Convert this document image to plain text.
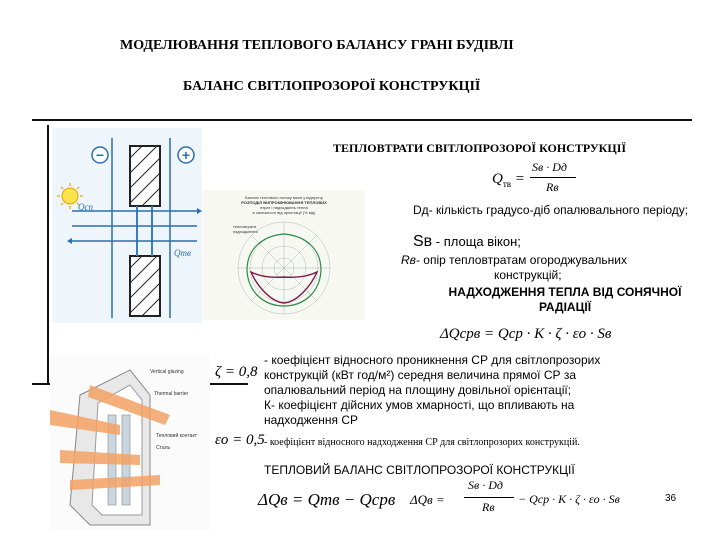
МОДЕЛЮВАННЯ ТЕПЛОВОГО БАЛАНСУ ГРАНІ БУДІВЛІ
БАЛАНС СВІТЛОПРОЗОРОЇ КОНСТРУКЦІЇ
−	+
Qcn
Qтв
Баланс теплового потоку вікон у відпустці
РОЗПОДІЛ ВИПРОМІНЮВАННЯ ТЕПЛОВИХ
втрат і надходжень тепла
в залежності від орієнтації (% від)
тепловтрати
надходження
Vertical glazing
Thermal barrier
Тепловий контакт
Сталь
ТЕПЛОВТРАТИ СВІТЛОПРОЗОРОЇ КОНСТРУКЦІЇ
$Q_{тв}$ =
Sв · Dд
Rв
Dд- кількість градусо-діб опалювального періоду;
Sв - площа вікон;
Rв- опір тепловтратам огороджувальних
конструкцій;
НАДХОДЖЕННЯ ТЕПЛА ВІД СОНЯЧНОЇ
РАДІАЦІЇ
ΔQсрв = Qср · K · ζ · εо · Sв
ζ = 0,8
- коефіцієнт відносного проникнення СР для світлопрозорих
конструкцій (кВт год/м²) середня величина прямої СР за
опалювальний період на площину довільної орієнтації;
К- коефіцієнт дійсних умов хмарності, що впливають на
надходження СР
εо = 0,5 - коефіцієнт відносного надходження СР для світлопрозорих конструкцій.
ТЕПЛОВИЙ БАЛАНС СВІТЛОПРОЗОРОЇ КОНСТРУКЦІЇ
ΔQв = Qтв − Qсрв ΔQв =
Sв · Dд
Rв
− Qср · K · ζ · εо · Sв	36
